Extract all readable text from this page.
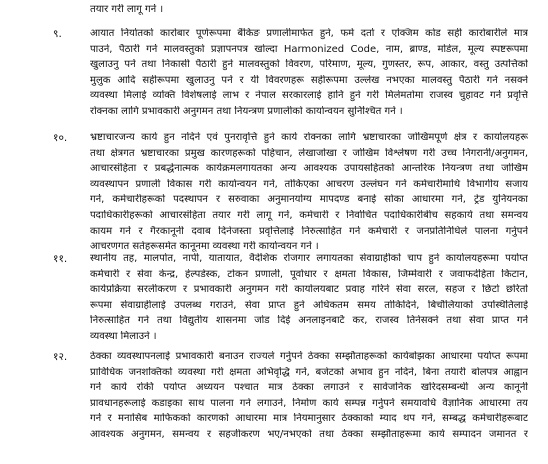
तयार गरी लागू गर्ने ।
९.	आयात निर्यातको कारोबार पूर्णरूपमा बैंकिङ प्रणालीमार्फत हुने, फर्म दर्ता र एक्जिम कोड सही कारोबारीले मात्र
पाउने, पैठारी गर्ने मालवस्तुको प्रज्ञापनपत्र खोल्दा Harmonized Code, नाम, ब्राण्ड, मोडेल, मूल्य स्पष्टरूपमा
खुलाउनु पर्ने तथा निकासी पैठारी हुने मालवस्तुको विवरण, परिमाण, मूल्य, गुणस्तर, रूप, आकार, वस्तु उत्पत्तिको
मुलुक आदि सहीरूपमा खुलाउनु पर्ने र यी विवरणहरू सहीरूपमा उल्लेख नभएका मालवस्तु पैठारी गर्न नसक्ने
व्यवस्था मिलाई व्यक्ति विशेषलाई लाभ र नेपाल सरकारलाई हानि हुने गरी मिलेमतोमा राजस्व चुहावट गर्ने प्रवृत्ति
रोक्नका लागि प्रभावकारी अनुगमन तथा नियन्त्रण प्रणालीको कार्यान्वयन सुनिश्चित गर्ने ।
१०. भ्रष्टाचारजन्य कार्य हुन नदिने एवं पुनरावृत्ति हुने कार्य रोक्नका लागि भ्रष्टाचारका जोखिमपूर्ण क्षेत्र र कार्यालयहरू
तथा क्षेत्रगत भ्रष्टाचारका प्रमुख कारणहरूको पहिचान, लेखाजोखा र जोखिम विश्लेषण गरी उच्च निगरानी/अनुगमन,
आचारसंहिता र प्रबर्द्धनात्मक कार्यक्रमलगायतका अन्य आवश्यक उपायसहितको आन्तरिक नियन्त्रण तथा जोखिम
व्यवस्थापन प्रणाली विकास गरी कार्यान्वयन गर्ने, तोकिएका आचरण उल्लंघन गर्ने कर्मचारीमाथि विभागीय सजाय
गर्ने, कर्मचारीहरूको पदस्थापन र सरुवाका अनुमानयोग्य मापदण्ड बनाई सोका आधारमा गर्ने, ट्रेड युनियनका
पदाधिकारीहरूको आचारसंहिता तयार गरी लागू गर्ने, कर्मचारी र निर्वाचित पदाधिकारीबीच सहकार्य तथा समन्वय
कायम गर्ने र गैरकानूनी दवाब दिनेजस्ता प्रवृत्तिलाई निरुत्साहित गर्न कर्मचारी र जनप्रतिनिधिले पालना गर्नुपर्ने
आचरणगत सर्तहरूसमेत कानूनमा व्यवस्था गरी कार्यान्वयन गर्ने ।
११. स्थानीय तह, मालपोत, नापी, यातायात, वैदेशिक रोजगार लगायतका सेवाग्राहीको चाप हुने कार्यालयहरूमा पर्याप्त
कर्मचारी र सेवा केन्द्र, हेल्पडेस्क, टोकन प्रणाली, पूर्वाधार र क्षमता विकास, जिम्मेवारी र जवाफदेहिता किटान,
कार्यप्रक्रिया सरलीकरण र प्रभावकारी अनुगमन गरी कार्यालयबाट प्रवाह गरिने सेवा सरल, सहज र छिटो छरितो
रूपमा सेवाग्राहीलाई उपलब्ध गराउने, सेवा प्राप्त हुने अधिकतम समय तोकिदिने, बिचौलियाको उपस्थितिलाई
निरुत्साहित गर्न तथा विद्युतीय शासनमा जोड दिई अनलाइनबाटै कर, राजस्व तिर्नसक्ने तथा सेवा प्राप्त गर्ने
व्यवस्था मिलाउने ।
१२. ठेक्का व्यवस्थापनलाई प्रभावकारी बनाउन राज्यले गर्नुपर्ने ठेक्का सम्झौताहरूको कार्यबोझका आधारमा पर्याप्त रूपमा
प्राविधिक जनशक्तिको व्यवस्था गरी क्षमता अभिवृद्धि गर्ने, बजेटको अभाव हुन नदिने, बिना तयारी बोलपत्र आह्वान
गर्ने कार्य रोकी पर्याप्त अध्ययन पश्चात मात्र ठेक्का लगाउने र सार्वजनिक खरिदसम्बन्धी अन्य कानूनी
प्रावधानहरूलाई कडाइका साथ पालना गर्न लगाउने, निर्माण कार्य सम्पन्न गर्नुपर्ने समयावधि वैज्ञानिक आधारमा तय
गर्ने र मनासिब माफिकको कारणको आधारमा मात्र नियमानुसार ठेक्काको म्याद थप गर्ने, सम्बद्ध कर्मचारीहरूबाट
आवश्यक अनुगमन, समन्वय र सहजीकरण भए/नभएको तथा ठेक्का सम्झौताहरूमा कार्य सम्पादन जमानत र
